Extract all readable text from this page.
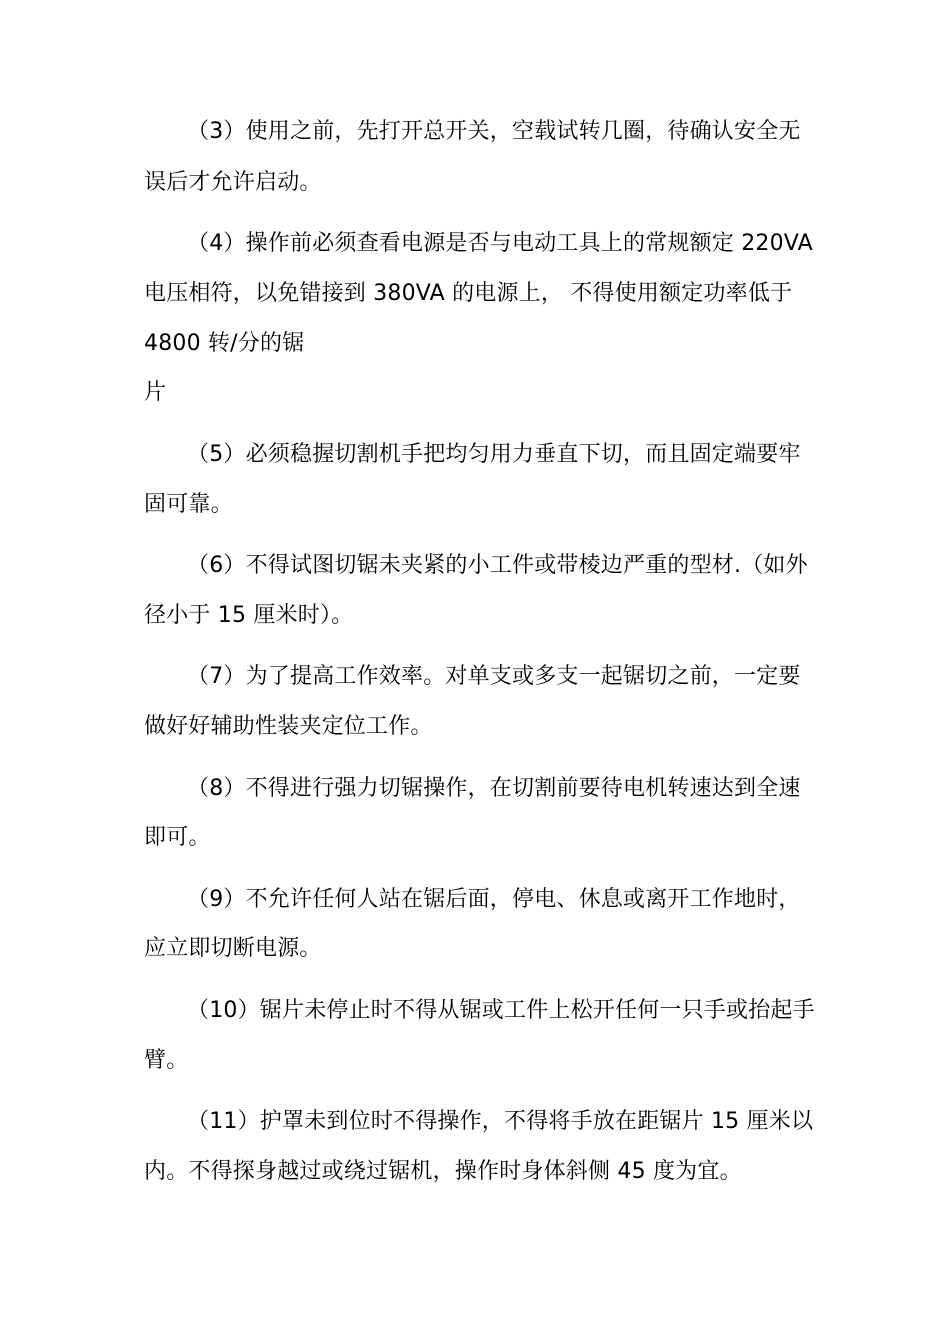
（3）使用之前，先打开总开关，空载试转几圈，待确认安全无
误后才允许启动。
（4）操作前必须查看电源是否与电动工具上的常规额定 220VA
电压相符，以免错接到 380VA 的电源上， 不得使用额定功率低于
4800 转/分的锯
片
（5）必须稳握切割机手把均匀用力垂直下切，而且固定端要牢
固可靠。
（6）不得试图切锯未夹紧的小工件或带棱边严重的型材.（如外
径小于 15 厘米时）。
（7）为了提高工作效率。对单支或多支一起锯切之前，一定要
做好好辅助性装夹定位工作。
（8）不得进行强力切锯操作，在切割前要待电机转速达到全速
即可。
（9）不允许任何人站在锯后面，停电、休息或离开工作地时，
应立即切断电源。
（10）锯片未停止时不得从锯或工件上松开任何一只手或抬起手
臂。
（11）护罩未到位时不得操作，不得将手放在距锯片 15 厘米以
内。不得探身越过或绕过锯机，操作时身体斜侧 45 度为宜。
